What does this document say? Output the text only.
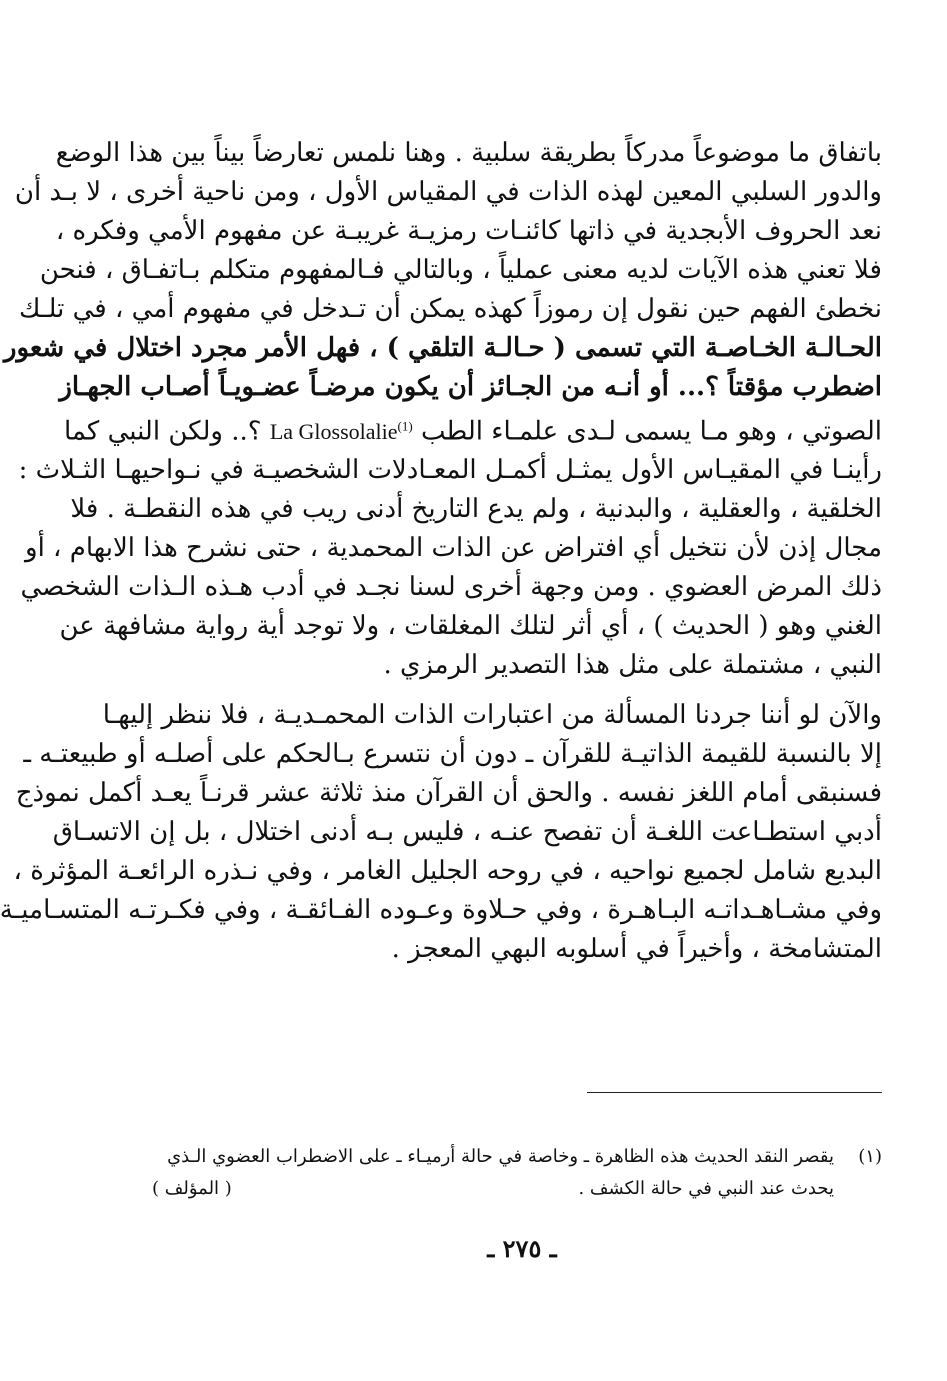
باتفاق ما موضوعاً مدركاً بطريقة سلبية . وهنا نلمس تعارضاً بيناً بين هذا الوضع
والدور السلبي المعين لهذه الذات في المقياس الأول ، ومن ناحية أخرى ، لا بـد أن
نعد الحروف الأبجدية في ذاتها كائنـات رمزيـة غريبـة عن مفهوم الأمي وفكره ،
فلا تعني هذه الآيات لديه معنى عملياً ، وبالتالي فـالمفهوم متكلم بـاتفـاق ، فنحن
نخطئ الفهم حين نقول إن رموزاً كهذه يمكن أن تـدخل في مفهوم أمي ، في تلـك
الحـالـة الخـاصـة التي تسمى ( حـالـة التلقي ) ، فهل الأمر مجرد اختلال في شعور
اضطرب مؤقتاً ؟... أو أنـه من الجـائز أن يكون مرضـاً عضـويـاً أصـاب الجهـاز
الصوتي ، وهو مـا يسمى لـدى علمـاء الطب La Glossolalie$^{(1)}$ ؟.. ولكن النبي كما
رأينـا في المقيـاس الأول يمثـل أكمـل المعـادلات الشخصيـة في نـواحيهـا الثـلاث :
الخلقية ، والعقلية ، والبدنية ، ولم يدع التاريخ أدنى ريب في هذه النقطـة . فلا
مجال إذن لأن نتخيل أي افتراض عن الذات المحمدية ، حتى نشرح هذا الابهام ، أو
ذلك المرض العضوي . ومن وجهة أخرى لسنا نجـد في أدب هـذه الـذات الشخصي
الغني وهو ( الحديث ) ، أي أثر لتلك المغلقات ، ولا توجد أية رواية مشافهة عن
النبي ، مشتملة على مثل هذا التصدير الرمزي .

والآن لو أننا جردنا المسألة من اعتبارات الذات المحمـديـة ، فلا ننظر إليهـا
إلا بالنسبة للقيمة الذاتيـة للقرآن ـ دون أن نتسرع بـالحكم على أصلـه أو طبيعتـه ـ
فسنبقى أمام اللغز نفسه . والحق أن القرآن منذ ثلاثة عشر قرنـاً يعـد أكمل نموذج
أدبي استطـاعت اللغـة أن تفصح عنـه ، فليس بـه أدنى اختلال ، بل إن الاتسـاق
البديع شامل لجميع نواحيه ، في روحه الجليل الغامر ، وفي نـذره الرائعـة المؤثرة ،
وفي مشـاهـداتـه البـاهـرة ، وفي حـلاوة وعـوده الفـائقـة ، وفي فكـرتـه المتسـاميـة
المتشامخة ، وأخيراً في أسلوبه البهي المعجز .

(١)
يقصر النقد الحديث هذه الظاهرة ـ وخاصة في حالة أرميـاء ـ على الاضطراب العضوي الـذي
يحدث عند النبي في حالة الكشف .
( المؤلف )
ـ ٢٧٥ ـ
